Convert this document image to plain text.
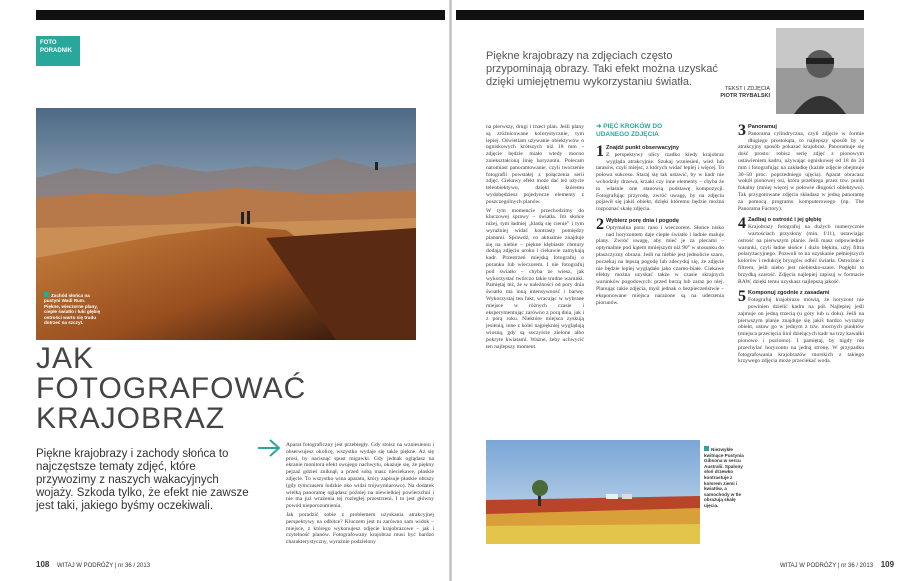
FOTO
PORADNIK
Zachód słońca na pustyni Wadi Rum. Piękne, wieczorne plany, ciepłe światło i łuki głębię ostrości warto się trudu dotrzeć na szczyt.
JAK FOTOGRAFOWAĆ
KRAJOBRAZ

Piękne krajobrazy i zachody słońca to najczęstsze tematy zdjęć, które przywozimy z naszych wakacyjnych wojaży. Szkoda tylko, że efekt nie zawsze jest taki, jakiego byśmy oczekiwali.

Aparat fotograficzny jest przebiegły. Gdy stoisz na wzniesieniu i obserwujesz okolicę, wszystko wydaje się takie piękne. Aż się prosi, by nacisnąć spust migawki. Gdy jednak oglądasz na ekranie monitora efekt swojego nachwytu, okazuje się, że piękny pejzaż gdzieś zniknął, a przed sobą masz nieciekawe, płaskie zdjęcie. To wszystko wina aparatu, który zapisuje płaskie obrazy (gdy tymczasem ludzkie oko widzi trójwymiarowo). Na dodatek wielką panoramę oglądasz później na niewielkiej powierzchni i nie ma już wrażenia tej rozległej przestrzeni. I to jest główny powód nieporozumienia.

Jak poradzić sobie z problemem uzyskania atrakcyjnej perspektywy na odbitce? Kluczem jest tu zarówno sam widok – miejsce, z którego wykonujesz zdjęcie krajobrazowe – jak i czytelność planów. Fotografowany krajobraz musi być bardzo charakterystyczny, wyraźnie podzielony

108 WITAJ W PODRÓŻY | nr 36 / 2013

Piękne krajobrazy na zdjęciach często przypominają obrazy. Taki efekt można uzyskać dzięki umiejętnemu wykorzystaniu światła.

TEKST I ZDJĘCIA
PIOTR TRYBALSKI

na pierwszy, drugi i trzeci plan. Jeśli plany są zróżnicowane kolorystycznie, tym lepiej. Oświetlam używanie obiektywów o ogniskowych krótszych niż 18 mm – zdjęcie będzie miało wtedy mocno zniekształconą linię horyzontu. Polecam natomiast panoramowanie, czyli tworzenie fotografii powstałej z połączenia serii zdjęć. Ciekawy efekt może dać też użycie teleobiektywu, dzięki któremu wydobędziesz pojedyncze elementy z poszczególnych planów.

W tym momencie przechodzimy do kluczowej sprawy – światła. Im słońce niżej, tym ładniej „kładą się cienie” i tym wyraźniej widać kontrasty pomiędzy planami. Sprawdź, co aktualnie znajduje się na niebie – piękne kłębiaste chmury dodają zdjęciu uroku i ciekawie zamykają kadr. Przestrzeń miejską fotografuj o poranku lub wieczorem. I nie fotografuj pod światło – chyba że wiesz, jak wykorzystać twórczo takie trudne warunki. Pamiętaj też, że w naleźności od pory dnia światło ma inną intensywność i barwę. Wykorzystaj ten fakt, wracając w wybrane miejsce w różnych czasie i eksperymentując zarówno z porą dnia, jak i z porą roku. Niektóre miejsca zyskują jesienią, inne z kolei najpiękniej wyglądają wiosną, gdy są soczyście zielone albo pokryte kwiatami. Ważne, żeby uchwycić ten najlepszy moment.

➜ PIĘĆ KROKÓW DO UDANEGO ZDJĘCIA
1 Znajdź punkt obserwacyjny

Z perspektywy ulicy rzadko kiedy krajobraz wygląda atrakcyjnie. Szukaj wzniesień, wież lub tarasów, czyli miejsc, z których widać lepiej i więcej. To połowa sukcesu. Staraj się tak ustawić, by w kadr nie wchodziły drzewa, krzaki czy inne elementy – chyba że to właśnie one stanowią podstawę kompozycji. Fotografując przyrodę, zwróć uwagę, by na zdjęciu pojawił się jakiś obiekt, dzięki któremu będzie można rozpoznać skalę zdjęcia.

2 Wybierz porę dnia i pogodę

Optymalna pora: rano i wieczorem. Słońce nisko nad horyzontem daje ciepłe światło i ładnie maluje plany. Zwróć uwagę, aby mieć je za plecami – optymalnie pod kątem mniejszym niż 90° w stosunku do płaszczyzny obrazu. Jeśli na niebie jest jednolicie szaro, poczekaj na lepszą pogodę lub zdecyduj się, że zdjęcie nie będzie lepiej wyglądało jako czarno-białe. Ciekawe efekty można uzyskać także w czasie skrajnych warunków pogodowych: przed burzą lub zaraz po niej. Planując takie zdjęcia, myśl jednak o bezpieczeństwie – eksponowane miejsca narażone są na uderzenia piorunów.

3 Panoramuj

Panorama cylindryczna, czyli zdjęcie w formie długiego prostokąta, to najlepszy sposób by w atrakcyjny sposób pokazać krajobraz. Panoramuje się dość prosto: robisz serię zdjęć z pionowym ustawieniem kadru, używając ogniskowej od 18 do 24 mm i fotografując na zakładkę (każde zdjęcie obejmuje 30–50 proc. poprzedniego ujęcia). Aparat obracasz wokół pionowej osi, która przebiega przez tzw. punkt fokalny (mniej więcej w połowie długości obiektywu). Tak przygotowane zdjęcia składasz w jedną panoramę za pomocą programu komputerowego (np. The Panorama Factory).

4 Zadbaj o ostrość i jej głębię

Krajobrazy fotografuj na dużych numerycznie wartościach przysłony (min. f/11), ustawiając ostrość na pierwszym planie. Jeśli masz odpowiednie warunki, czyli ładne słońce i dużo błękitu, użyj filtra polaryzacyjnego. Pozwoli to na uzyskanie pełniejszych kolorów i redukcję bryzgów odbić światła. Ostrożnie z filtrem, jeśli niebo jest niebiesko-szare. Pogłębi to brzydką szarość. Zdjęcia najlepiej zapisuj w formacie RAW, dzięki temu uzyskasz najlepszą jakość.

5 Komponuj zgodnie z zasadami

Fotografuj krajobrazu mówią, że horyzont nie powinien dzielić kadru na pół. Najlepiej jeśli zajmuje on jedną trzecią (u góry lub u dołu). Jeśli na pierwszym planie znajduje się jakiś bardzo wyraźny obiekt, ustaw go w jednym z tzw. mocnych punktów (miejsca przecięcia linii dzielących kadr na trzy kawałki pionowo i poziomo). I pamiętaj, by nigdy nie przechylać horyzontu na jedną stronę. W przypadku fotografowania krajobrazów morskich z takiego krzywego zdjęcia może przeciekać woda.

Niezwykłe kwitnące Pustynia Gibsona w sercu Australii. Spalony słoń drzewko kontrastuje z kolorem ziemi i kwiatów, a samochody w tle obrazują skalę ujęcia.
WITAJ W PODRÓŻY | nr 36 / 2013 109
